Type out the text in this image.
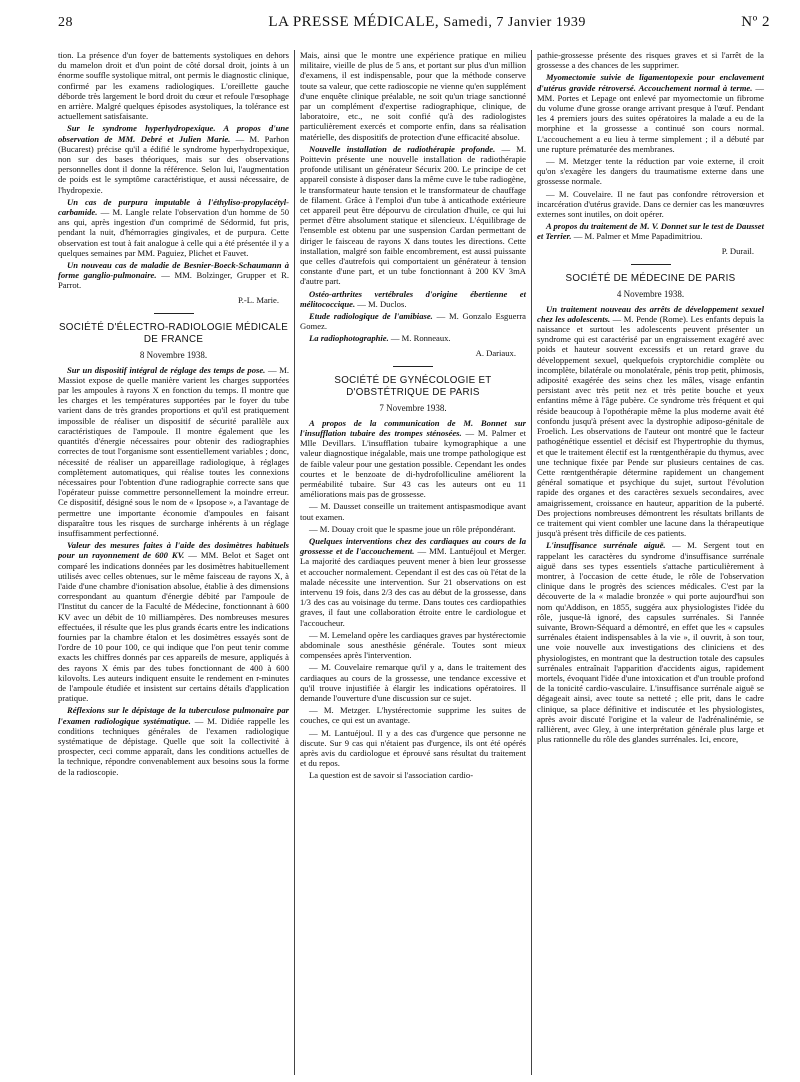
28	LA PRESSE MÉDICALE, Samedi, 7 Janvier 1939	Nº 2

tion. La présence d'un foyer de battements systoliques en dehors du mamelon droit et d'un point de côté dorsal droit, joints à un énorme souffle systolique mitral, ont permis le diagnostic clinique, confirmé par les examens radiologiques. L'oreillette gauche déborde très largement le bord droit du cœur et refoule l'œsophage en arrière. Malgré quelques épisodes asystoliques, la tolérance est actuellement satisfaisante.

Sur le syndrome hyperhydropexique. A propos d'une observation de MM. Debré et Julien Marie. — M. Parhon (Bucarest) précise qu'il a édifié le syndrome hyperhydropexique, non sur des bases théoriques, mais sur des observations personnelles dont il donne la référence. Selon lui, l'augmentation de poids est le symptôme caractéristique, et aussi nécessaire, de l'hydropexie.

Un cas de purpura imputable à l'éthyliso-propylacétyl-carbamide. — M. Langle relate l'observation d'un homme de 50 ans qui, après ingestion d'un comprimé de Sédormid, fut pris, pendant la nuit, d'hémorragies gingivales, et de purpura. Cette observation est tout à fait analogue à celle qui a été présentée il y a quelques semaines par MM. Paguiez, Plichet et Fauvet.

Un nouveau cas de maladie de Besnier-Boeck-Schaumann à forme ganglio-pulmonaire. — MM. Bolzinger, Grupper et R. Parrot.

P.-L. Marie.
SOCIÉTÉ D'ÉLECTRO-RADIOLOGIE MÉDICALE DE FRANCE
8 Novembre 1938.

Sur un dispositif intégral de réglage des temps de pose. — M. Massiot expose de quelle manière varient les charges supportées par les ampoules à rayons X en fonction du temps. Il montre que les charges et les températures supportées par le foyer du tube varient dans de très grandes proportions et qu'il est pratiquement impossible de réaliser un dispositif de sécurité parallèle aux caractéristiques de l'ampoule. Il montre également que les quantités d'énergie nécessaires pour obtenir des radiographies correctes de tout l'organisme sont essentiellement variables ; donc, nécessité de réaliser un appareillage radiologique, à réglages complètement automatiques, qui réalise toutes les connexions nécessaires pour l'obtention d'une radiographie correcte sans que l'opérateur puisse commettre personnellement la moindre erreur. Ce dispositif, désigné sous le nom de « Ipsopose », a l'avantage de permettre une importante économie d'ampoules en faisant disparaître tous les risques de surcharge inhérents à un réglage insuffisamment perfectionné.

Valeur des mesures faites à l'aide des dosimètres habituels pour un rayonnement de 600 KV. — MM. Belot et Saget ont comparé les indications données par les dosimètres habituellement utilisés avec celles obtenues, sur le même faisceau de rayons X, à l'aide d'une chambre d'ionisation absolue, établie à des dimensions correspondant au quantum d'énergie débité par l'ampoule de l'Institut du cancer de la Faculté de Médecine, fonctionnant à 600 KV avec un débit de 10 milliampères. Des nombreuses mesures effectuées, il résulte que les plus grands écarts entre les indications fournies par la chambre étalon et les dosimètres essayés sont de l'ordre de 10 pour 100, ce qui indique que l'on peut tenir comme exacts les chiffres donnés par ces appareils de mesure, appliqués à des rayons X émis par des tubes fonctionnant de 400 à 600 kilovolts. Les auteurs indiquent ensuite le rendement en r-minutes de l'ampoule étudiée et insistent sur certains détails d'application pratique.

Réflexions sur le dépistage de la tuberculose pulmonaire par l'examen radiologique systématique. — M. Didiée rappelle les conditions techniques générales de l'examen radiologique systématique de dépistage. Quelle que soit la collectivité à prospecter, ceci comme apparaît, dans les conditions actuelles de la technique, répondre convenablement aux besoins sous la forme de la radioscopie.

Mais, ainsi que le montre une expérience pratique en milieu militaire, vieille de plus de 5 ans, et portant sur plus d'un million d'examens, il est indispensable, pour que la méthode conserve toute sa valeur, que cette radioscopie ne vienne qu'en supplément d'une enquête clinique préalable, ne soit qu'un triage sanctionné par un complément d'expertise radiographique, clinique, de laboratoire, etc., ne soit confié qu'à des radiologistes particulièrement exercés et comporte enfin, dans sa réalisation matérielle, des dispositifs de protection d'une efficacité absolue.

Nouvelle installation de radiothérapie profonde. — M. Poittevin présente une nouvelle installation de radiothérapie profonde utilisant un générateur Sécurix 200. Le principe de cet appareil consiste à disposer dans la même cuve le tube radiogène, le transformateur haute tension et le transformateur de chauffage de filament. Grâce à l'emploi d'un tube à anticathode extérieure cet appareil peut être dépourvu de circulation d'huile, ce qui lui permet d'être absolument statique et silencieux. L'équilibrage de l'ensemble est obtenu par une suspension Cardan permettant de diriger le faisceau de rayons X dans toutes les directions. Cette installation, malgré son faible encombrement, est aussi puissante que celles d'autrefois qui comportaient un générateur à tension constante d'une part, et un tube fonctionnant à 200 KV 3mA d'autre part.

Ostéo-arthrites vertébrales d'origine ébertienne et mélitococcique. — M. Duclos.

Etude radiologique de l'amibiase. — M. Gonzalo Esguerra Gomez.

La radiophotographie. — M. Ronneaux.

A. Dariaux.
SOCIÉTÉ DE GYNÉCOLOGIE ET D'OBSTÉTRIQUE DE PARIS
7 Novembre 1938.

A propos de la communication de M. Bonnet sur l'insufflation tubaire des trompes sténosées. — M. Palmer et Mlle Devillars. L'insufflation tubaire kymographique a une valeur diagnostique inégalable, mais une trompe pathologique est de faible valeur pour une gestation possible. Cependant les ondes courtes et le benzoate de di-hydrofolliculine améliorent la perméabilité tubaire. Sur 43 cas les auteurs ont eu 11 améliorations mais pas de grossesse.

— M. Dausset conseille un traitement antispasmodique avant tout examen.

— M. Douay croit que le spasme joue un rôle prépondérant.

Quelques interventions chez des cardiaques au cours de la grossesse et de l'accouchement. — MM. Lantuéjoul et Merger. La majorité des cardiaques peuvent mener à bien leur grossesse et accoucher normalement. Cependant il est des cas où l'état de la malade nécessite une intervention. Sur 21 observations on est intervenu 19 fois, dans 2/3 des cas au début de la grossesse, dans 1/3 des cas au voisinage du terme. Dans toutes ces cardiopathies graves, il faut une collaboration étroite entre le cardiologue et l'accoucheur.

— M. Lemeland opère les cardiaques graves par hystérectomie abdominale sous anesthésie générale. Toutes sont mieux compensées après l'intervention.

— M. Couvelaire remarque qu'il y a, dans le traitement des cardiaques au cours de la grossesse, une tendance excessive et qu'il trouve injustifiée à élargir les indications opératoires. Il demande l'ouverture d'une discussion sur ce sujet.

— M. Metzger. L'hystérectomie supprime les suites de couches, ce qui est un avantage.

— M. Lantuéjoul. Il y a des cas d'urgence que personne ne discute. Sur 9 cas qui n'étaient pas d'urgence, ils ont été opérés après avis du cardiologue et éprouvé sans résultat du traitement et du repos.

La question est de savoir si l'association cardio-

pathie-grossesse présente des risques graves et si l'arrêt de la grossesse a des chances de les supprimer.

Myomectomie suivie de ligamentopexie pour enclavement d'utérus gravide rétroversé. Accouchement normal à terme. — MM. Portes et Lepage ont enlevé par myomectomie un fibrome du volume d'une grosse orange arrivant presque à l'œuf. Pendant les 4 premiers jours des suites opératoires la malade a eu de la morphine et la grossesse a continué son cours normal. L'accouchement a eu lieu à terme simplement ; il a débuté par une rupture prématurée des membranes.

— M. Metzger tente la réduction par voie externe, il croit qu'on s'exagère les dangers du traumatisme externe dans une grossesse normale.

— M. Couvelaire. Il ne faut pas confondre rétroversion et incarcération d'utérus gravide. Dans ce dernier cas les manœuvres externes sont inutiles, on doit opérer.

A propos du traitement de M. V. Donnet sur le test de Dausset et Terrier. — M. Palmer et Mme Papadimitriou.

P. Durail.
SOCIÉTÉ DE MÉDECINE DE PARIS
4 Novembre 1938.

Un traitement nouveau des arrêts de développement sexuel chez les adolescents. — M. Pende (Rome). Les enfants depuis la naissance et surtout les adolescents peuvent présenter un syndrome qui est caractérisé par un engraissement exagéré avec poids et hauteur souvent excessifs et un retard grave du développement sexuel, quelquefois cryptorchidie complète ou incomplète, bilatérale ou monolatérale, pénis trop petit, phimosis, adiposité exagérée des seins chez les mâles, visage enfantin persistant avec très petit nez et très petite bouche et yeux enfantins même à l'âge pubère. Ce syndrome très fréquent et qui réside beaucoup à l'opothérapie même la plus moderne avait été confondu jusqu'à présent avec la dystrophie adiposo-génitale de Froelich. Les observations de l'auteur ont montré que le facteur pathogénétique essentiel et décisif est l'hypertrophie du thymus, et que le traitement électif est la rœntgenthérapie du thymus, avec une technique fixée par Pende sur plusieurs centaines de cas. Cette rœntgenthérapie détermine rapidement un changement général somatique et psychique du sujet, surtout l'évolution rapide des organes et des caractères sexuels secondaires, avec amaigrissement, croissance en hauteur, apparition de la puberté. Des projections nombreuses démontrent les résultats brillants de ce traitement qui vient combler une lacune dans la thérapeutique jusqu'à présent très difficile de ces patients.

L'insuffisance surrénale aiguë. — M. Sergent tout en rappelant les caractères du syndrome d'insuffisance surrénale aiguë dans ses types essentiels s'attache particulièrement à montrer, à l'occasion de cette étude, le rôle de l'observation clinique dans le progrès des sciences médicales. C'est par la découverte de la « maladie bronzée » qui porte aujourd'hui son nom qu'Addison, en 1855, suggéra aux physiologistes l'idée du rôle, jusque-là ignoré, des capsules surrénales. Si l'année suivante, Brown-Séquard a démontré, en effet que les « capsules surrénales étaient indispensables à la vie », il ouvrit, à son tour, une voie nouvelle aux investigations des cliniciens et des physiologistes, en montrant que la destruction totale des capsules surrénales entraînait l'apparition d'accidents aigus, rapidement mortels, évoquant l'idée d'une intoxication et d'un trouble profond de la tonicité cardio-vasculaire. L'insuffisance surrénale aiguë se dégageait ainsi, avec toute sa netteté ; elle prit, dans le cadre clinique, sa place définitive et indiscutée et les physiologistes, après avoir discuté l'origine et la valeur de l'adrénalinémie, se rallièrent, avec Gley, à une interprétation générale plus large et plus rationnelle du rôle des glandes surrénales. Ici, encore,
